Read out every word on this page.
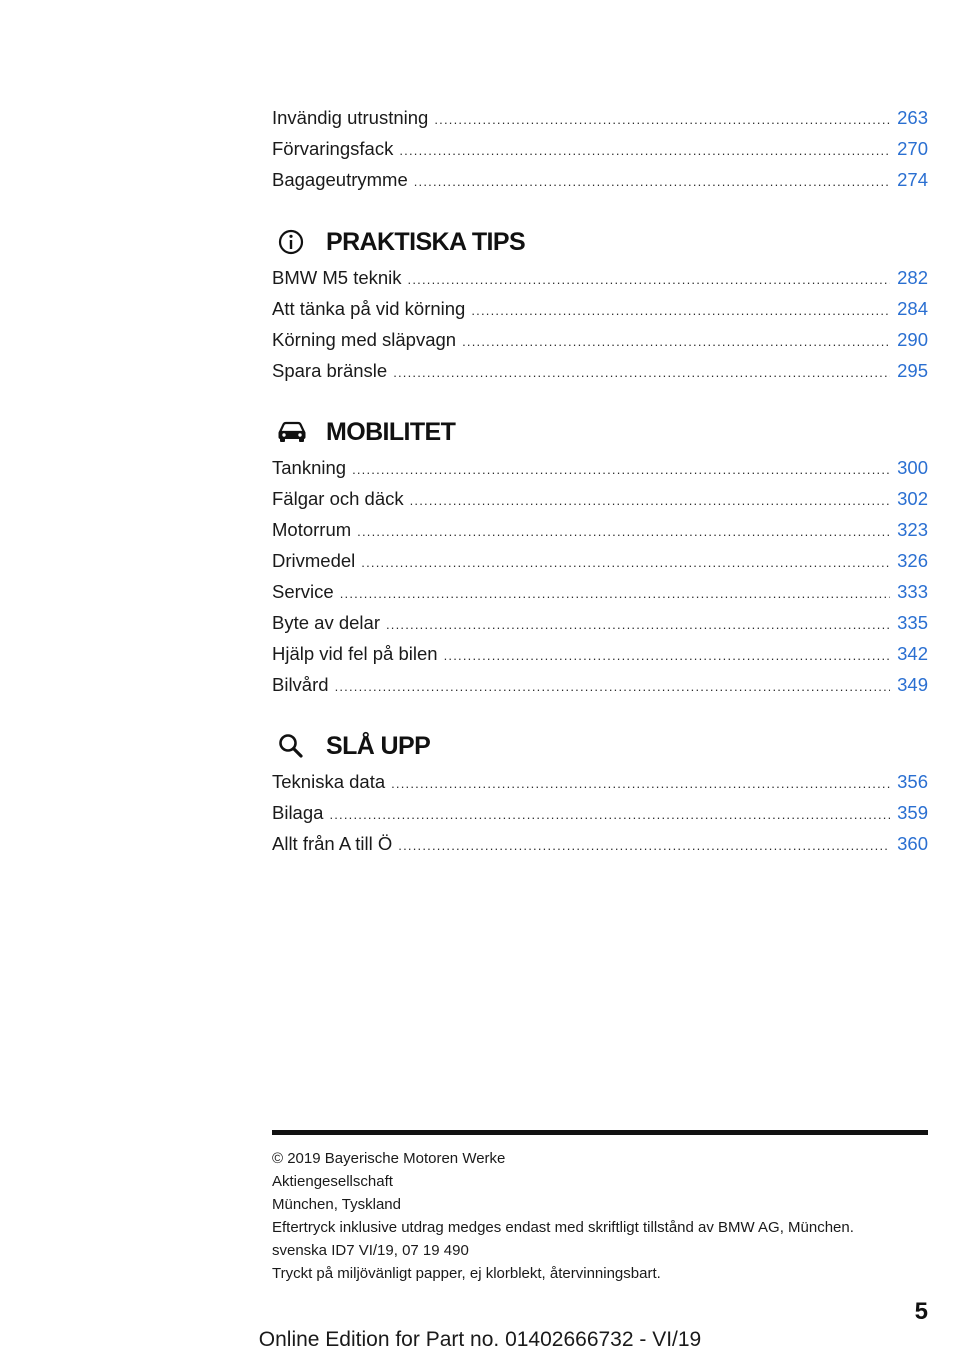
Invändig utrustning .....	263
Förvaringsfack .....	270
Bagageutrymme .....	274
PRAKTISKA TIPS
BMW M5 teknik .....	282
Att tänka på vid körning .....	284
Körning med släpvagn .....	290
Spara bränsle .....	295
MOBILITET
Tankning .....	300
Fälgar och däck .....	302
Motorrum .....	323
Drivmedel .....	326
Service .....	333
Byte av delar .....	335
Hjälp vid fel på bilen .....	342
Bilvård .....	349
SLÅ UPP
Tekniska data .....	356
Bilaga .....	359
Allt från A till Ö .....	360
© 2019 Bayerische Motoren Werke
Aktiengesellschaft
München, Tyskland
Eftertryck inklusive utdrag medges endast med skriftligt tillstånd av BMW AG, München.
svenska ID7 VI/19, 07 19 490
Tryckt på miljövänligt papper, ej klorblekt, återvinningsbart.
5
Online Edition for Part no. 01402666732 - VI/19
